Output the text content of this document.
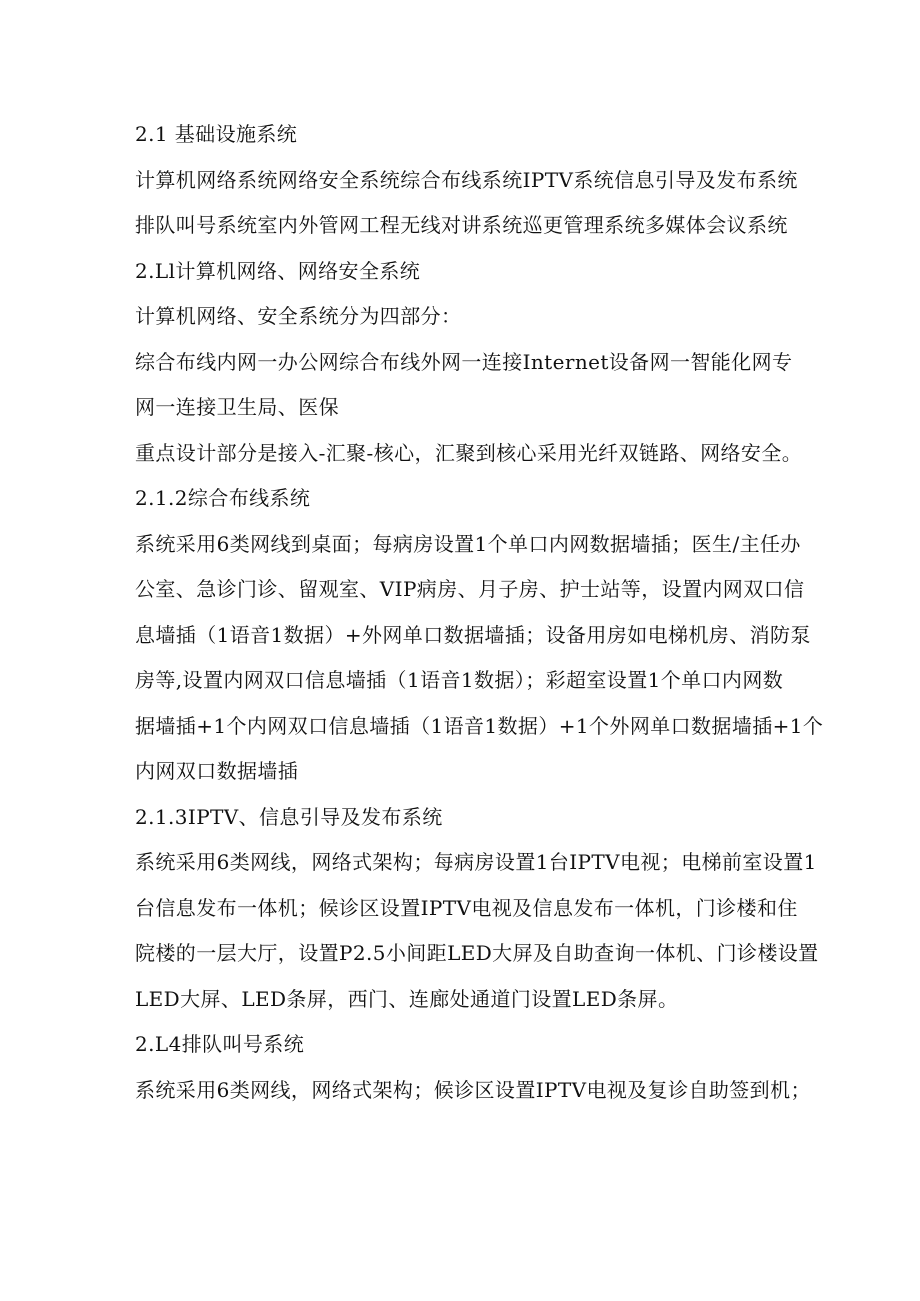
2.1 基础设施系统
计算机网络系统网络安全系统综合布线系统IPTV系统信息引导及发布系统
排队叫号系统室内外管网工程无线对讲系统巡更管理系统多媒体会议系统
2.Ll计算机网络、网络安全系统
计算机网络、安全系统分为四部分：
综合布线内网一办公网综合布线外网一连接Internet设备网一智能化网专
网一连接卫生局、医保
重点设计部分是接入-汇聚-核心，汇聚到核心采用光纤双链路、网络安全。
2.1.2综合布线系统
系统采用6类网线到桌面；每病房设置1个单口内网数据墙插；医生/主任办
公室、急诊门诊、留观室、VIP病房、月子房、护士站等，设置内网双口信
息墙插（1语音1数据）+外网单口数据墙插；设备用房如电梯机房、消防泵
房等,设置内网双口信息墙插（1语音1数据）；彩超室设置1个单口内网数
据墙插+1个内网双口信息墙插（1语音1数据）+1个外网单口数据墙插+1个
内网双口数据墙插
2.1.3IPTV、信息引导及发布系统
系统采用6类网线，网络式架构；每病房设置1台IPTV电视；电梯前室设置1
台信息发布一体机；候诊区设置IPTV电视及信息发布一体机，门诊楼和住
院楼的一层大厅，设置P2.5小间距LED大屏及自助查询一体机、门诊楼设置
LED大屏、LED条屏，西门、连廊处通道门设置LED条屏。
2.L4排队叫号系统
系统采用6类网线，网络式架构；候诊区设置IPTV电视及复诊自助签到机；
